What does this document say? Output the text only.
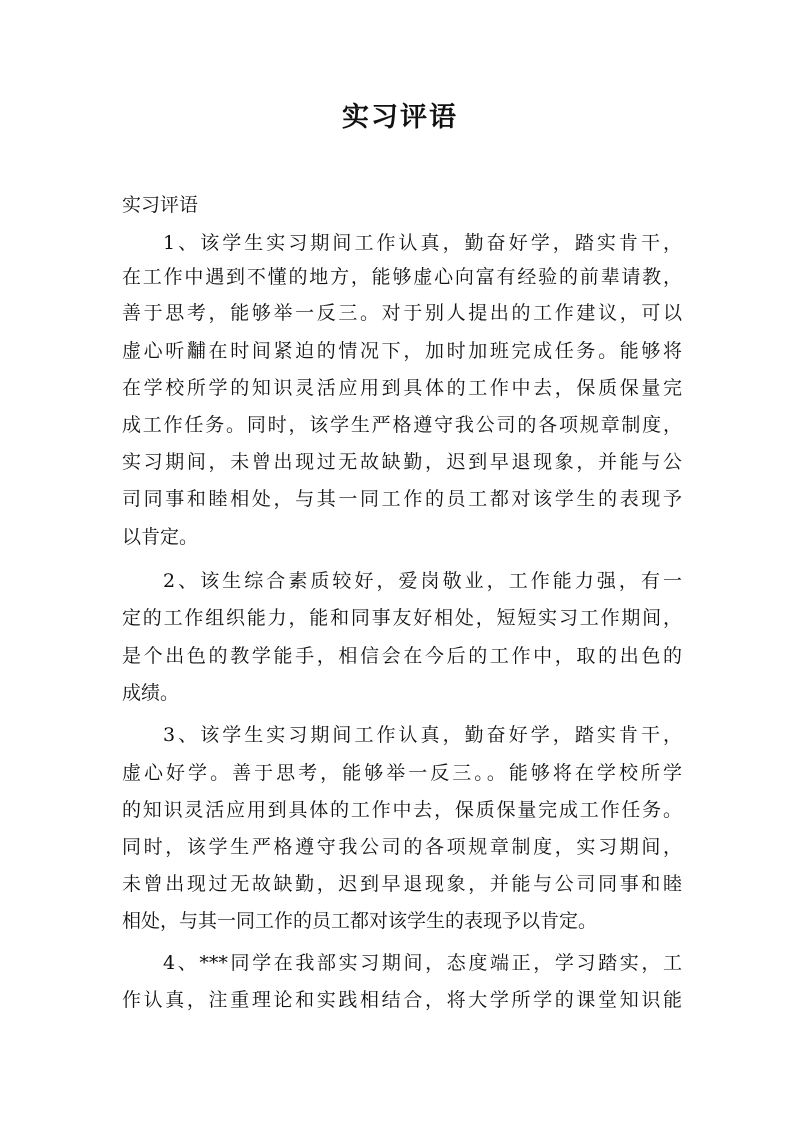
实习评语

实习评语

1、该学生实习期间工作认真，勤奋好学，踏实肯干，

在工作中遇到不懂的地方，能够虚心向富有经验的前辈请教，

善于思考，能够举一反三。对于别人提出的工作建议，可以

虚心听黼在时间紧迫的情况下，加时加班完成任务。能够将

在学校所学的知识灵活应用到具体的工作中去，保质保量完

成工作任务。同时，该学生严格遵守我公司的各项规章制度，

实习期间，未曾出现过无故缺勤，迟到早退现象，并能与公

司同事和睦相处，与其一同工作的员工都对该学生的表现予

以肯定。

2、该生综合素质较好，爱岗敬业，工作能力强，有一

定的工作组织能力，能和同事友好相处，短短实习工作期间，

是个出色的教学能手，相信会在今后的工作中，取的出色的

成绩。

3、该学生实习期间工作认真，勤奋好学，踏实肯干，

虚心好学。善于思考，能够举一反三。。能够将在学校所学

的知识灵活应用到具体的工作中去，保质保量完成工作任务。

同时，该学生严格遵守我公司的各项规章制度，实习期间，

未曾出现过无故缺勤，迟到早退现象，并能与公司同事和睦

相处，与其一同工作的员工都对该学生的表现予以肯定。

4、***同学在我部实习期间，态度端正，学习踏实，工

作认真，注重理论和实践相结合，将大学所学的课堂知识能
